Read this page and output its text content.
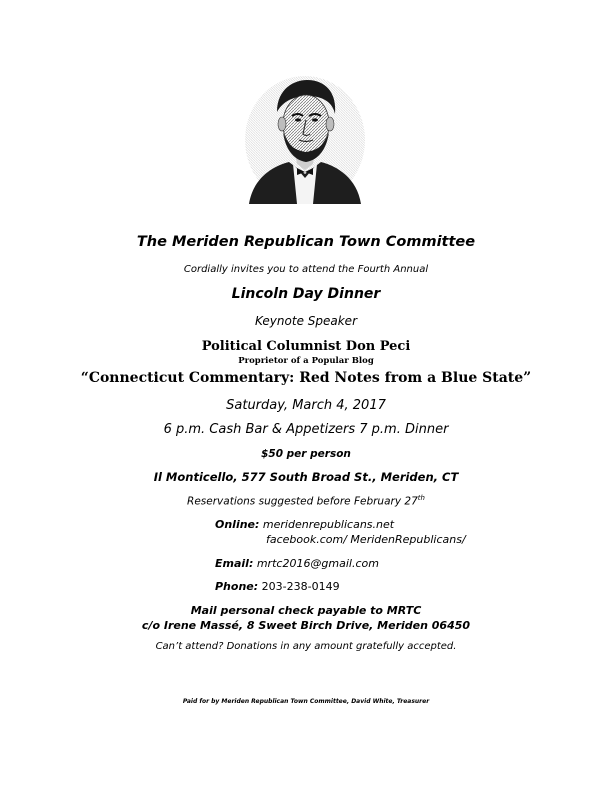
The Meriden Republican Town Committee
Cordially invites you to attend the Fourth Annual
Lincoln Day Dinner
Keynote Speaker
Political Columnist Don Peci
Proprietor of a Popular Blog
“Connecticut Commentary: Red Notes from a Blue State”
Saturday, March 4, 2017
6 p.m. Cash Bar & Appetizers 7 p.m. Dinner
$50 per person
Il Monticello, 577 South Broad St., Meriden, CT
Reservations suggested before February 27th
Online: meridenrepublicans.net
facebook.com/ MeridenRepublicans/
Email: mrtc2016@gmail.com
Phone: 203-238-0149
Mail personal check payable to MRTC
c/o Irene Massé, 8 Sweet Birch Drive, Meriden 06450
Can’t attend? Donations in any amount gratefully accepted.
Paid for by Meriden Republican Town Committee, David White, Treasurer
